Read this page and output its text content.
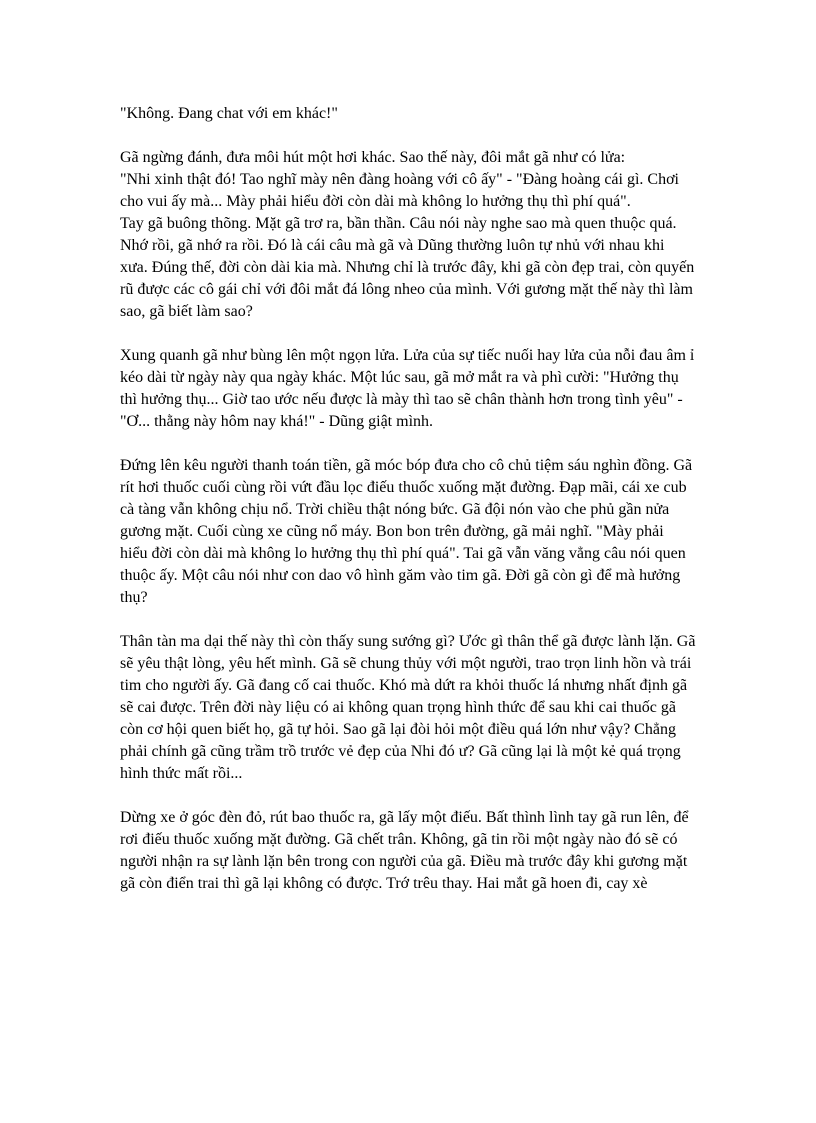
"Không. Đang chat với em khác!"
Gã ngừng đánh, đưa môi hút một hơi khác. Sao thế này, đôi mắt gã như có lửa:
"Nhi xinh thật đó! Tao nghĩ mày nên đàng hoàng với cô ấy" - "Đàng hoàng cái gì. Chơi
cho vui ấy mà... Mày phải hiểu đời còn dài mà không lo hưởng thụ thì phí quá".
Tay gã buông thõng. Mặt gã trơ ra, bần thần. Câu nói này nghe sao mà quen thuộc quá.
Nhớ rồi, gã nhớ ra rồi. Đó là cái câu mà gã và Dũng thường luôn tự nhủ với nhau khi
xưa. Đúng thế, đời còn dài kia mà. Nhưng chỉ là trước đây, khi gã còn đẹp trai, còn quyến
rũ được các cô gái chỉ với đôi mắt đá lông nheo của mình. Với gương mặt thế này thì làm
sao, gã biết làm sao?
Xung quanh gã như bùng lên một ngọn lửa. Lửa của sự tiếc nuối hay lửa của nỗi đau âm ỉ
kéo dài từ ngày này qua ngày khác. Một lúc sau, gã mở mắt ra và phì cười: "Hưởng thụ
thì hưởng thụ... Giờ tao ước nếu được là mày thì tao sẽ chân thành hơn trong tình yêu" -
"Ơ... thằng này hôm nay khá!" - Dũng giật mình.
Đứng lên kêu người thanh toán tiền, gã móc bóp đưa cho cô chủ tiệm sáu nghìn đồng. Gã
rít hơi thuốc cuối cùng rồi vứt đầu lọc điếu thuốc xuống mặt đường. Đạp mãi, cái xe cub
cà tàng vẫn không chịu nổ. Trời chiều thật nóng bức. Gã đội nón vào che phủ gần nửa
gương mặt. Cuối cùng xe cũng nổ máy. Bon bon trên đường, gã mải nghĩ. "Mày phải
hiểu đời còn dài mà không lo hưởng thụ thì phí quá". Tai gã vẫn văng vẳng câu nói quen
thuộc ấy. Một câu nói như con dao vô hình găm vào tim gã. Đời gã còn gì để mà hưởng
thụ?
Thân tàn ma dại thế này thì còn thấy sung sướng gì? Ước gì thân thể gã được lành lặn. Gã
sẽ yêu thật lòng, yêu hết mình. Gã sẽ chung thủy với một người, trao trọn linh hồn và trái
tim cho người ấy. Gã đang cố cai thuốc. Khó mà dứt ra khỏi thuốc lá nhưng nhất định gã
sẽ cai được. Trên đời này liệu có ai không quan trọng hình thức để sau khi cai thuốc gã
còn cơ hội quen biết họ, gã tự hỏi. Sao gã lại đòi hỏi một điều quá lớn như vậy? Chẳng
phải chính gã cũng trầm trồ trước vẻ đẹp của Nhi đó ư? Gã cũng lại là một kẻ quá trọng
hình thức mất rồi...
Dừng xe ở góc đèn đỏ, rút bao thuốc ra, gã lấy một điếu. Bất thình lình tay gã run lên, để
rơi điếu thuốc xuống mặt đường. Gã chết trân. Không, gã tin rồi một ngày nào đó sẽ có
người nhận ra sự lành lặn bên trong con người của gã. Điều mà trước đây khi gương mặt
gã còn điển trai thì gã lại không có được. Trớ trêu thay. Hai mắt gã hoen đi, cay xè
